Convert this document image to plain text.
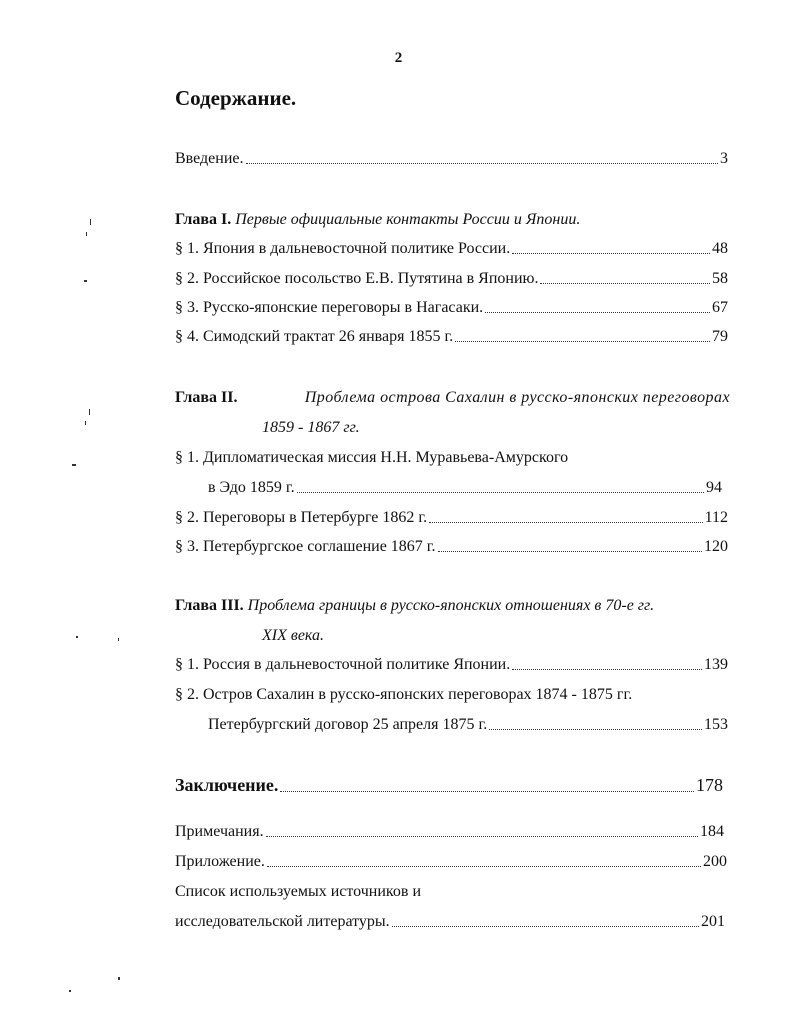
2
Содержание.
Введение.	3
Глава I. Первые официальные контакты России и Японии.
§ 1. Япония в дальневосточной политике России.	48
§ 2. Российское посольство Е.В. Путятина в Японию.	58
§ 3. Русско-японские переговоры в Нагасаки.	67
§ 4. Симодский трактат 26 января 1855 г.	79
Глава II.	Проблема острова Сахалин в русско-японских переговорах
1859 - 1867 гг.
§ 1. Дипломатическая миссия Н.Н. Муравьева-Амурского
в Эдо 1859 г.	94
§ 2. Переговоры в Петербурге 1862 г.	112
§ 3. Петербургское соглашение 1867 г.	120
Глава III. Проблема границы в русско-японских отношениях в 70-е гг.
XIX века.
§ 1. Россия в дальневосточной политике Японии.	139
§ 2. Остров Сахалин в русско-японских переговорах 1874 - 1875 гг.
Петербургский договор 25 апреля 1875 г.	153
Заключение.	178
Примечания.	184
Приложение.	200
Список используемых источников и
исследовательской литературы.	201
